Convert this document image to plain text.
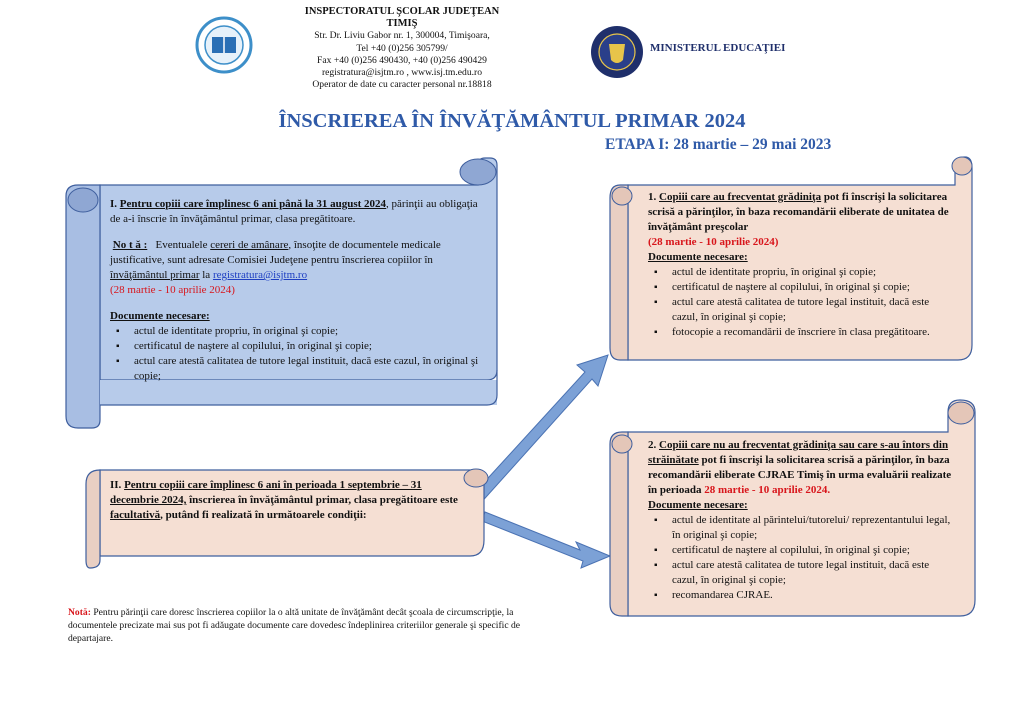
INSPECTORATUL ŞCOLAR JUDEŢEAN
TIMIŞ
Str. Dr. Liviu Gabor nr. 1, 300004, Timişoara,
Tel +40 (0)256 305799/
Fax +40 (0)256 490430, +40 (0)256 490429
registratura@isjtm.ro , www.isj.tm.edu.ro
Operator de date cu caracter personal nr.18818
MINISTERUL EDUCAŢIEI
ÎNSCRIEREA ÎN ÎNVĂŢĂMÂNTUL PRIMAR 2024
ETAPA I: 28 martie – 29 mai 2023
I. Pentru copiii care împlinesc 6 ani până la 31 august 2024, părinţii au obligaţia de a-i înscrie în învăţământul primar, clasa pregătitoare.
No t ă : Eventualele cereri de amânare, însoţite de documentele medicale justificative, sunt adresate Comisiei Judeţene pentru înscrierea copiilor în învăţământul primar la registratura@isjtm.ro
(28 martie - 10 aprilie 2024)
Documente necesare:
▪ actul de identitate propriu, în original şi copie;
▪ certificatul de naştere al copilului, în original şi copie;
▪ actul care atestă calitatea de tutore legal instituit, dacă este cazul, în original şi copie;
II. Pentru copiii care împlinesc 6 ani în perioada 1 septembrie – 31 decembrie 2024, înscrierea în învăţământul primar, clasa pregătitoare este facultativă, putând fi realizată în următoarele condiţii:
1. Copiii care au frecventat grădiniţa pot fi înscrişi la solicitarea scrisă a părinţilor, în baza recomandării eliberate de unitatea de învăţământ preşcolar
(28 martie - 10 aprilie 2024)
Documente necesare:
▪ actul de identitate propriu, în original şi copie;
▪ certificatul de naştere al copilului, în original şi copie;
▪ actul care atestă calitatea de tutore legal instituit, dacă este cazul, în original şi copie;
▪ fotocopie a recomandării de înscriere în clasa pregătitoare.
2. Copiii care nu au frecventat grădiniţa sau care s-au întors din străinătate pot fi înscrişi la solicitarea scrisă a părinţilor, în baza recomandării eliberate CJRAE Timiş în urma evaluării realizate în perioada 28 martie - 10 aprilie 2024.
Documente necesare:
▪ actul de identitate al părintelui/tutorelui/ reprezentantului legal, în original şi copie;
▪ certificatul de naştere al copilului, în original şi copie;
▪ actul care atestă calitatea de tutore legal instituit, dacă este cazul, în original şi copie;
▪ recomandarea CJRAE.
Notă: Pentru părinţii care doresc înscrierea copiilor la o altă unitate de învăţământ decât şcoala de circumscripţie, la documentele precizate mai sus pot fi adăugate documente care dovedesc îndeplinirea criteriilor generale şi specific de departajare.
